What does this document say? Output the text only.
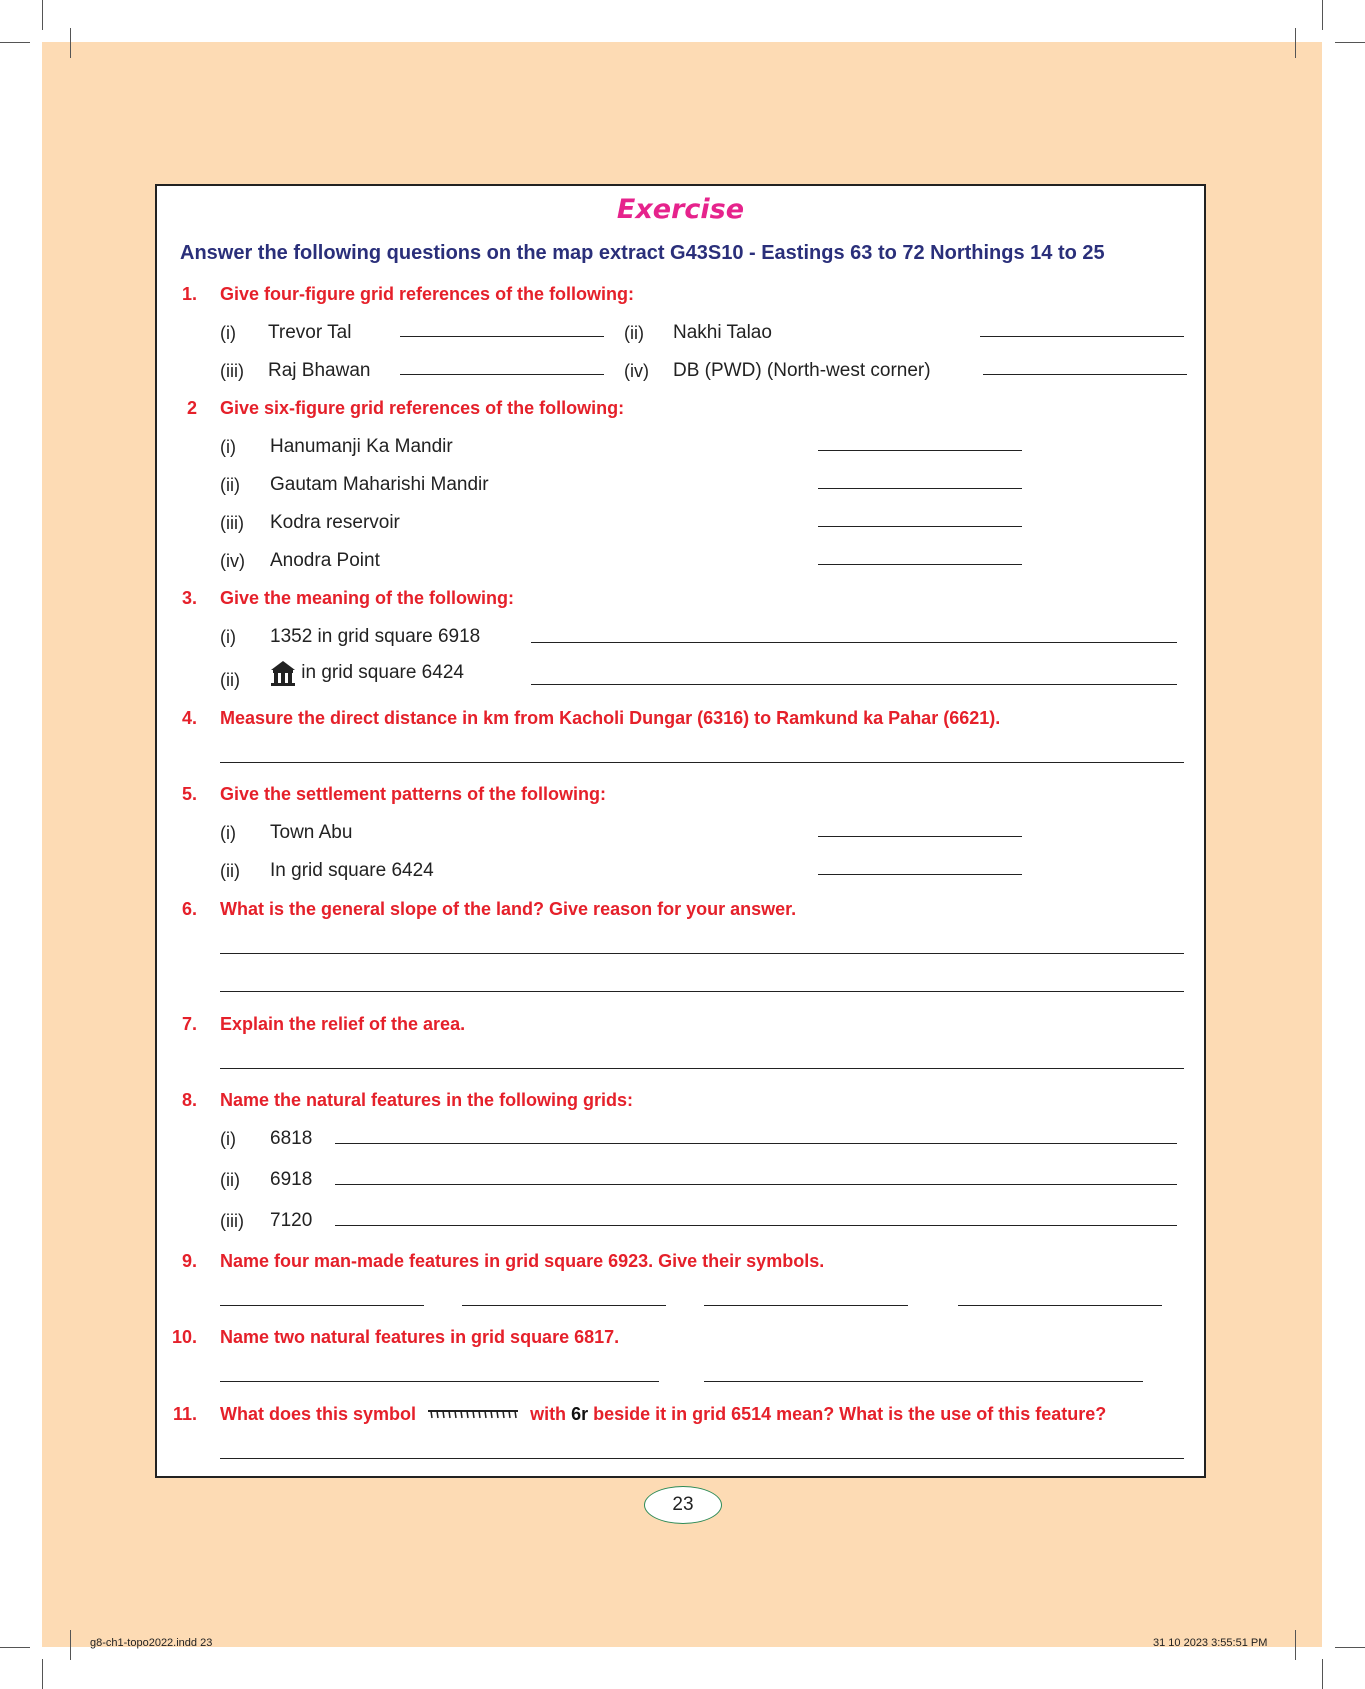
Exercise
Answer the following questions on the map extract G43S10 - Eastings 63 to 72 Northings 14 to 25
1. Give four-figure grid references of the following:
(i) Trevor Tal	(ii) Nakhi Talao
(iii) Raj Bhawan	(iv) DB (PWD) (North-west corner)
2 Give six-figure grid references of the following:
(i) Hanumanji Ka Mandir
(ii) Gautam Maharishi Mandir
(iii) Kodra reservoir
(iv) Anodra Point
3. Give the meaning of the following:
(i) 1352 in grid square 6918
(ii)	in grid square 6424
4. Measure the direct distance in km from Kacholi Dungar (6316) to Ramkund ka Pahar (6621).
5. Give the settlement patterns of the following:
(i) Town Abu
(ii) In grid square 6424
6. What is the general slope of the land? Give reason for your answer.
7. Explain the relief of the area.
8. Name the natural features in the following grids:
(i) 6818
(ii) 6918
(iii) 7120
9. Name four man-made features in grid square 6923. Give their symbols.
10. Name two natural features in grid square 6817.
11. What does this symbol	with 6r beside it in grid 6514 mean? What is the use of this feature?
23
g8-ch1-topo2022.indd 23	31 10 2023 3:55:51 PM
